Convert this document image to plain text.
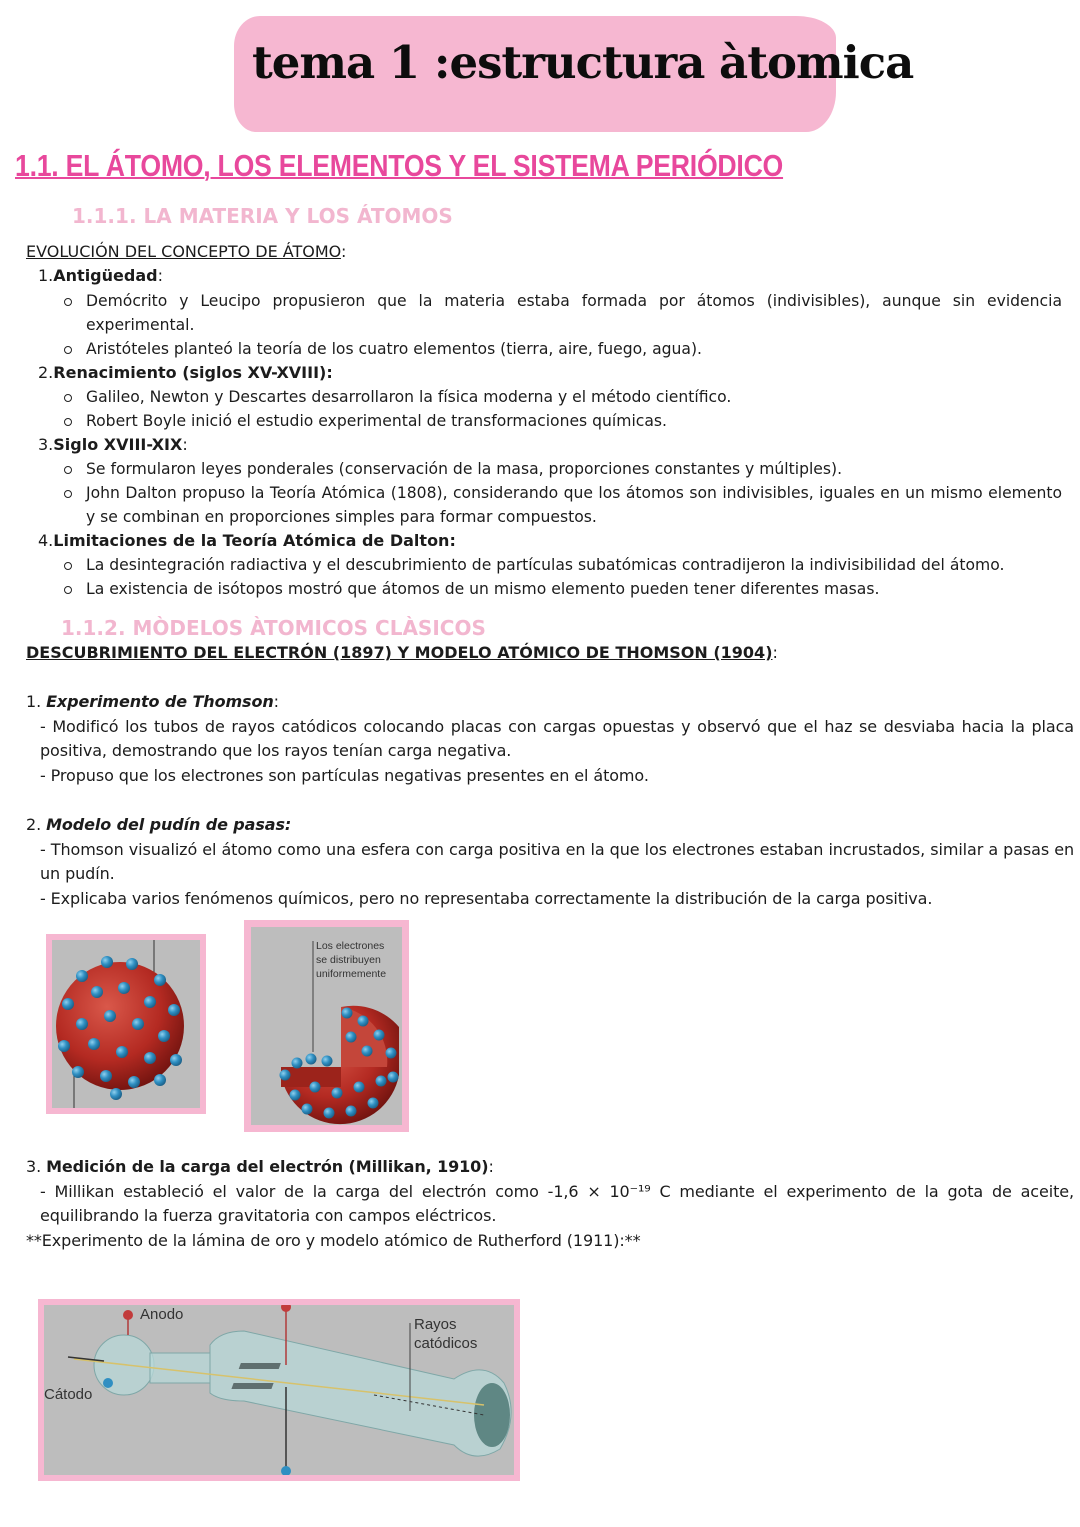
tema 1 :estructura àtomica
1.1. EL ÁTOMO, LOS ELEMENTOS Y EL SISTEMA PERIÓDICO
1.1.1. LA MATERIA Y LOS ÁTOMOS
EVOLUCIÓN DEL CONCEPTO DE ÁTOMO:
1.Antigüedad:
Demócrito y Leucipo propusieron que la materia estaba formada por átomos (indivisibles), aunque sin evidencia experimental.
Aristóteles planteó la teoría de los cuatro elementos (tierra, aire, fuego, agua).
2.Renacimiento (siglos XV-XVIII):
Galileo, Newton y Descartes desarrollaron la física moderna y el método científico.
Robert Boyle inició el estudio experimental de transformaciones químicas.
3.Siglo XVIII-XIX:
Se formularon leyes ponderales (conservación de la masa, proporciones constantes y múltiples).
John Dalton propuso la Teoría Atómica (1808), considerando que los átomos son indivisibles, iguales en un mismo elemento y se combinan en proporciones simples para formar compuestos.
4.Limitaciones de la Teoría Atómica de Dalton:
La desintegración radiactiva y el descubrimiento de partículas subatómicas contradijeron la indivisibilidad del átomo.
La existencia de isótopos mostró que átomos de un mismo elemento pueden tener diferentes masas.
1.1.2. MÒDELOS ÀTOMICOS CLÀSICOS
DESCUBRIMIENTO DEL ELECTRÓN (1897) Y MODELO ATÓMICO DE THOMSON (1904):
1. Experimento de Thomson:
- Modificó los tubos de rayos catódicos colocando placas con cargas opuestas y observó que el haz se desviaba hacia la placa positiva, demostrando que los rayos tenían carga negativa.
- Propuso que los electrones son partículas negativas presentes en el átomo.
2. Modelo del pudín de pasas:
- Thomson visualizó el átomo como una esfera con carga positiva en la que los electrones estaban incrustados, similar a pasas en un pudín.
- Explicaba varios fenómenos químicos, pero no representaba correctamente la distribución de la carga positiva.
Los electrones
se distribuyen
uniformemente
3. Medición de la carga del electrón (Millikan, 1910):
- Millikan estableció el valor de la carga del electrón como -1,6 × 10⁻¹⁹ C mediante el experimento de la gota de aceite, equilibrando la fuerza gravitatoria con campos eléctricos.
**Experimento de la lámina de oro y modelo atómico de Rutherford (1911):**
Anodo
Cátodo
Rayos
catódicos
